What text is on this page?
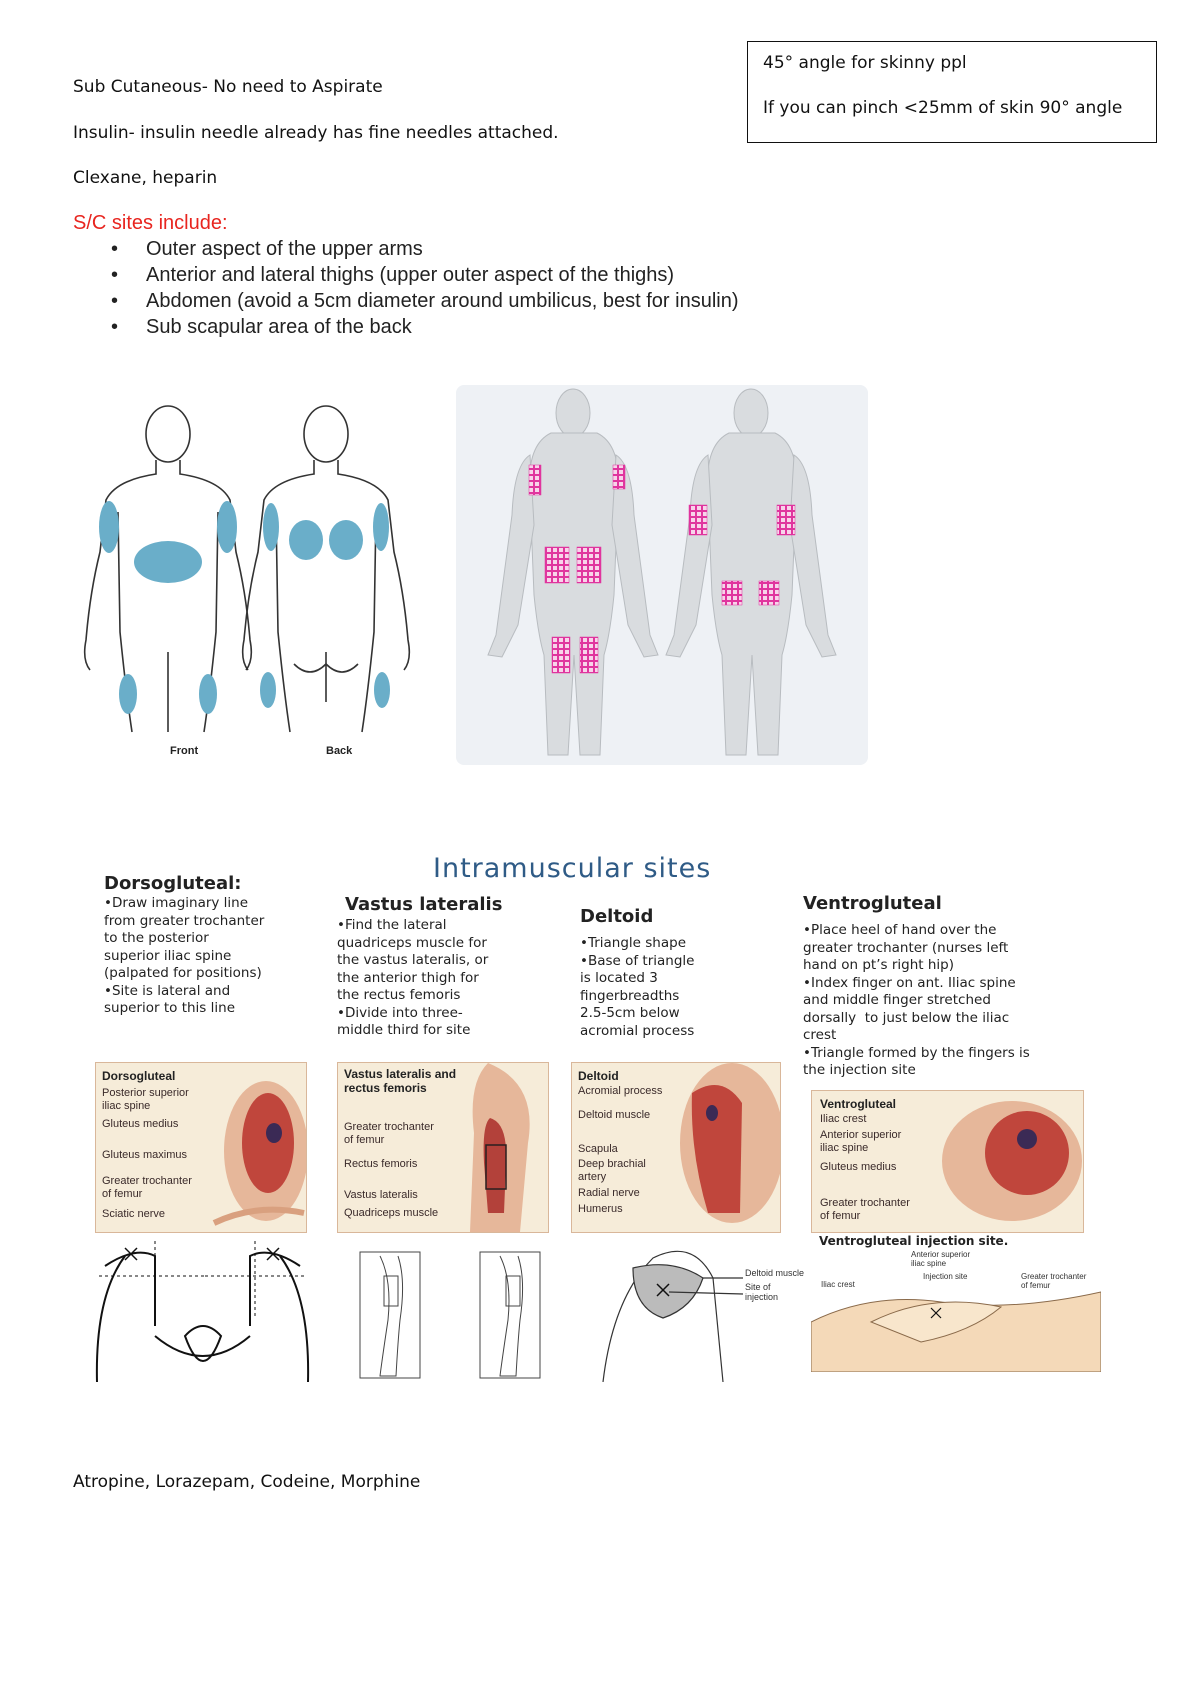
Sub Cutaneous- No need to Aspirate
Insulin- insulin needle already has fine needles attached.
Clexane, heparin
45° angle for skinny ppl
If you can pinch <25mm of skin 90° angle
S/C sites include:
• Outer aspect of the upper arms
• Anterior and lateral thighs (upper outer aspect of the thighs)
• Abdomen (avoid a 5cm diameter around umbilicus, best for insulin)
• Sub scapular area of the back
Front	Back
Intramuscular sites
Dorsogluteal:
•Draw imaginary line
from greater trochanter
to the posterior
superior iliac spine
(palpated for positions)
•Site is lateral and
superior to this line
Vastus lateralis
•Find the lateral
quadriceps muscle for
the vastus lateralis, or
the anterior thigh for
the rectus femoris
•Divide into three-
middle third for site
Deltoid
•Triangle shape
•Base of triangle
is located 3
fingerbreadths
2.5-5cm below
acromial process
Ventrogluteal
•Place heel of hand over the
greater trochanter (nurses left
hand on pt’s right hip)
•Index finger on ant. Iliac spine
and middle finger stretched
dorsally  to just below the iliac
crest
•Triangle formed by the fingers is
the injection site
Dorsogluteal
Posterior superior
iliac spine
Gluteus medius
Gluteus maximus
Greater trochanter
of femur
Sciatic nerve
Vastus lateralis and
rectus femoris
Greater trochanter
of femur
Rectus femoris
Vastus lateralis
Quadriceps muscle
Deltoid
Acromial process
Deltoid muscle
Scapula
Deep brachial
artery
Radial nerve
Humerus
Ventrogluteal
Iliac crest
Anterior superior
iliac spine
Gluteus medius
Greater trochanter
of femur
Deltoid muscle
Site of
injection
Ventrogluteal injection site.
Anterior superior
iliac spine
Injection site
Iliac crest
Greater trochanter
of femur
Atropine, Lorazepam, Codeine, Morphine
